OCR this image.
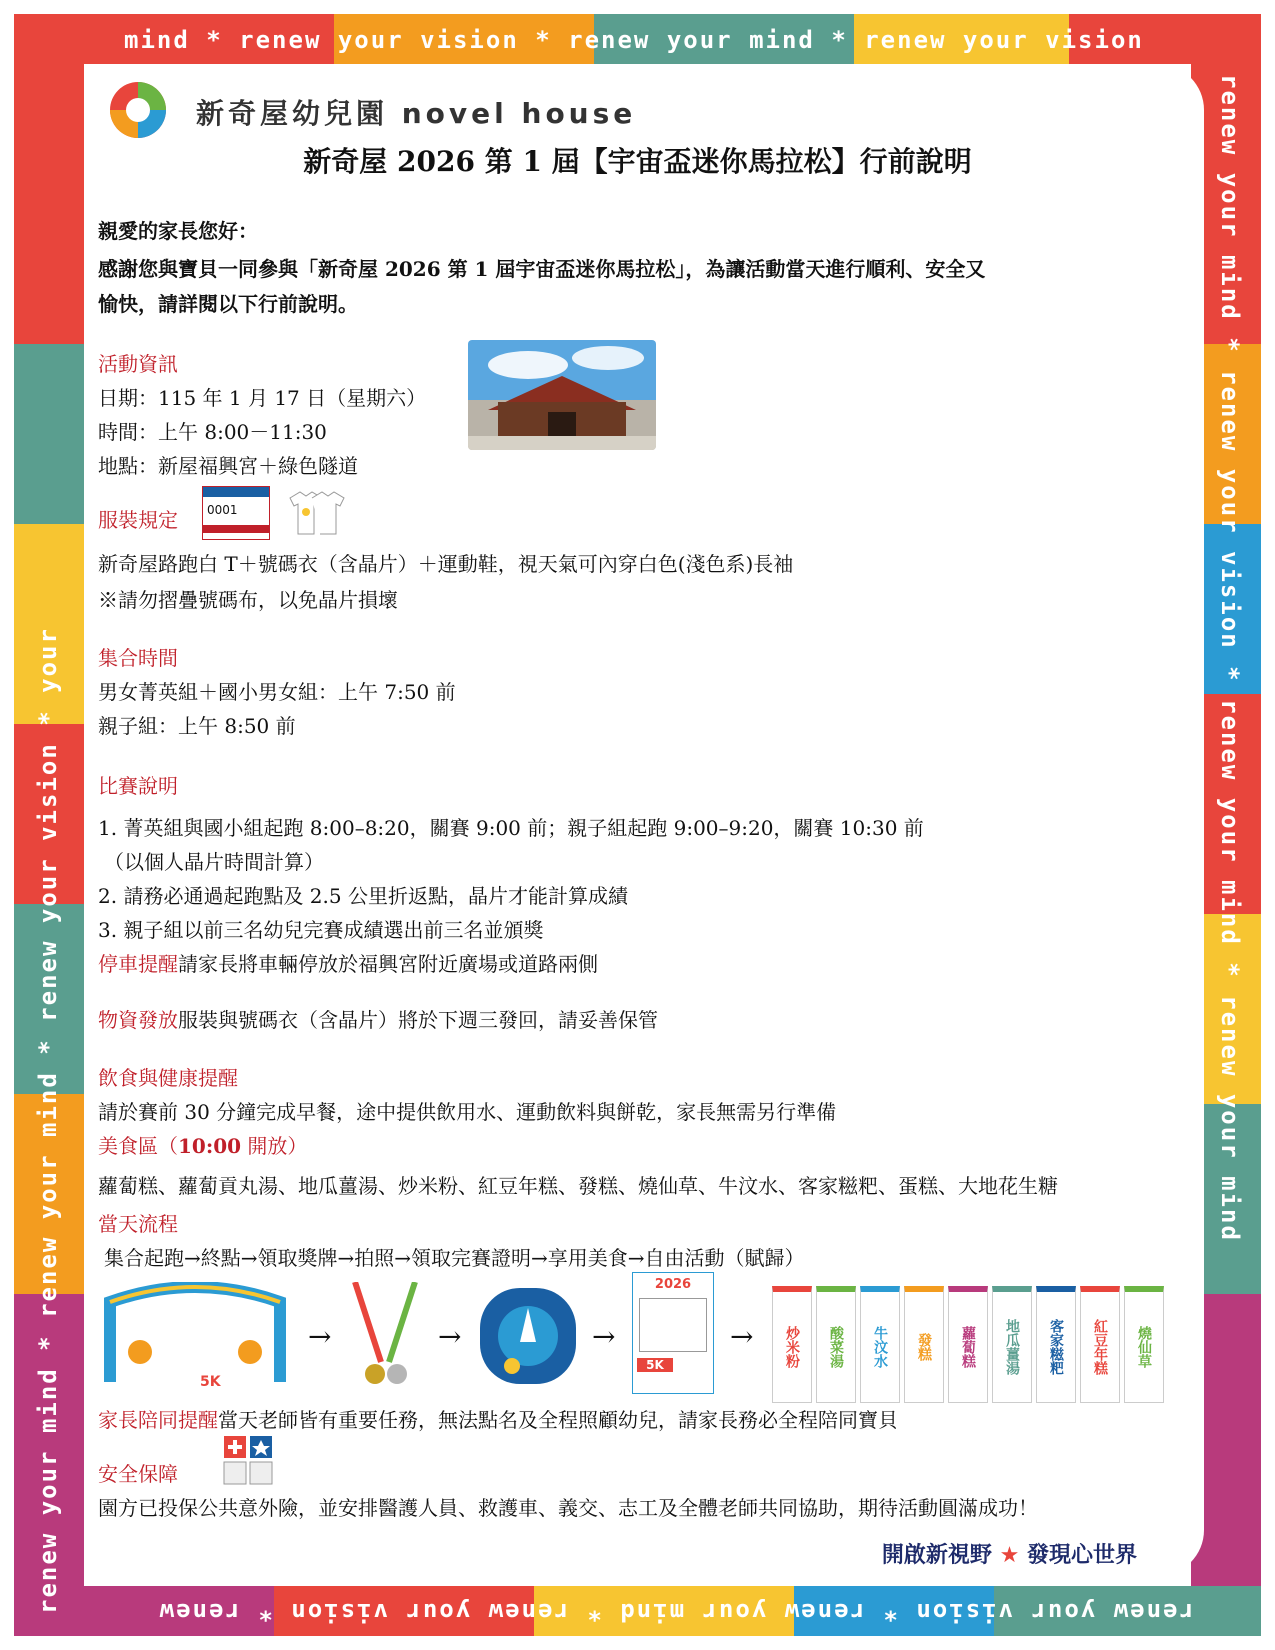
mind * renew your vision * renew your mind * renew your vision
renew your mind * renew your mind * renew your vision * your	renew your mind * renew your vision * renew your mind * renew your mind
renew your vision * renew your mind * renew your vision * renew
新奇屋幼兒園 novel house
新奇屋 2026 第 1 屆【宇宙盃迷你馬拉松】行前說明
親愛的家長您好：
感謝您與寶貝一同參與「新奇屋 2026 第 1 屆宇宙盃迷你馬拉松」，為讓活動當天進行順利、安全又
愉快，請詳閱以下行前說明。
活動資訊
日期：115 年 1 月 17 日（星期六）
時間：上午 8:00－11:30
地點：新屋福興宮＋綠色隧道
服裝規定 0001
新奇屋路跑白 T＋號碼衣（含晶片）＋運動鞋，視天氣可內穿白色(淺色系)長袖
※請勿摺疊號碼布，以免晶片損壞
集合時間
男女菁英組＋國小男女組：上午 7:50 前
親子組：上午 8:50 前
比賽說明
1. 菁英組與國小組起跑 8:00–8:20，關賽 9:00 前；親子組起跑 9:00–9:20，關賽 10:30 前
（以個人晶片時間計算）
2. 請務必通過起跑點及 2.5 公里折返點，晶片才能計算成績
3. 親子組以前三名幼兒完賽成績選出前三名並頒獎
停車提醒請家長將車輛停放於福興宮附近廣場或道路兩側
物資發放服裝與號碼衣（含晶片）將於下週三發回，請妥善保管
飲食與健康提醒
請於賽前 30 分鐘完成早餐，途中提供飲用水、運動飲料與餅乾，家長無需另行準備
美食區（10:00 開放）
蘿蔔糕、蘿蔔貢丸湯、地瓜薑湯、炒米粉、紅豆年糕、發糕、燒仙草、牛汶水、客家糍粑、蛋糕、大地花生糖
當天流程
集合起跑→終點→領取獎牌→拍照→領取完賽證明→享用美食→自由活動（賦歸）
5K
→	→	→
2026
5K
→	炒米粉	酸菜湯	牛汶水	發糕	蘿蔔糕	地瓜薑湯	客家糍粑	紅豆年糕	燒仙草
家長陪同提醒當天老師皆有重要任務，無法點名及全程照顧幼兒，請家長務必全程陪同寶貝
安全保障
園方已投保公共意外險，並安排醫護人員、救護車、義交、志工及全體老師共同協助，期待活動圓滿成功！
開啟新視野 ★ 發現心世界
